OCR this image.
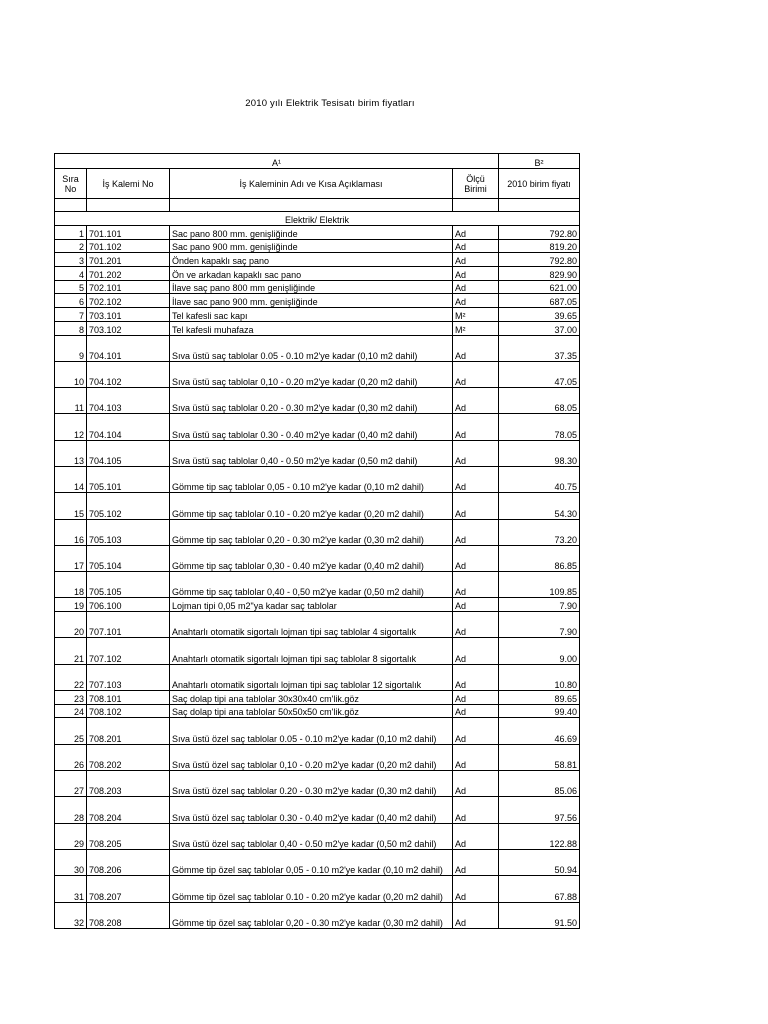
2010 yılı Elektrik Tesisatı birim fiyatları
A¹				B²
Sıra No	İş Kalemi No	İş Kaleminin Adı ve Kısa Açıklaması	Ölçü Birimi	2010 birim fiyatı

Elektrik/ Elektrik				
1	701.101	Sac pano 800 mm. genişliğinde	Ad	792.80
2	701.102	Sac pano 900 mm. genişliğinde	Ad	819.20
3	701.201	Önden kapaklı saç pano	Ad	792.80
4	701.202	Ön ve arkadan kapaklı sac pano	Ad	829.90
5	702.101	İlave saç pano 800 mm genişliğinde	Ad	621.00
6	702.102	İlave sac pano 900 mm. genişliğinde	Ad	687.05
7	703.101	Tel kafesli sac kapı	M²	39.65
8	703.102	Tel kafesli muhafaza	M²	37.00
9	704.101	Sıva üstü saç tablolar 0.05 - 0.10 m2'ye kadar (0,10 m2 dahil)	Ad	37.35
10	704.102	Sıva üstü saç tablolar 0,10 - 0.20 m2'ye kadar (0,20 m2 dahil)	Ad	47.05
11	704.103	Sıva üstü saç tablolar 0.20 - 0.30 m2'ye kadar (0,30 m2 dahil)	Ad	68.05
12	704.104	Sıva üstü saç tablolar 0.30 - 0.40 m2'ye kadar (0,40 m2 dahil)	Ad	78.05
13	704.105	Sıva üstü saç tablolar 0,40 - 0.50 m2'ye kadar (0,50 m2 dahil)	Ad	98.30
14	705.101	Gömme tip saç tablolar 0,05 - 0.10 m2'ye kadar (0,10 m2 dahil)	Ad	40.75
15	705.102	Gömme tip saç tablolar 0.10 - 0.20 m2'ye kadar (0,20 m2 dahil)	Ad	54.30
16	705.103	Gömme tip saç tablolar 0,20 - 0.30 m2'ye kadar (0,30 m2 dahil)	Ad	73.20
17	705.104	Gömme tip saç tablolar 0,30 - 0.40 m2'ye kadar (0,40 m2 dahil)	Ad	86.85
18	705.105	Gömme tip saç tablolar 0,40 - 0,50 m2'ye kadar (0,50 m2 dahil)	Ad	109.85
19	706.100	Lojman tipi 0,05 m2"ya kadar saç tablolar	Ad	7.90
20	707.101	Anahtarlı otomatik sigortalı lojman tipi saç tablolar 4 sigortalık	Ad	7.90
21	707.102	Anahtarlı otomatik sigortalı lojman tipi saç tablolar 8 sigortalık	Ad	9.00
22	707.103	Anahtarlı otomatik sigortalı lojman tipi saç tablolar 12 sigortalık	Ad	10.80
23	708.101	Saç dolap tipi ana tablolar 30x30x40 cm'lik.göz	Ad	89.65
24	708.102	Saç dolap tipi ana tablolar 50x50x50 cm'lik.göz	Ad	99.40
25	708.201	Sıva üstü özel saç tablolar 0.05 - 0.10 m2'ye kadar (0,10 m2 dahil)	Ad	46.69
26	708.202	Sıva üstü özel saç tablolar 0,10 - 0.20 m2'ye kadar (0,20 m2 dahil)	Ad	58.81
27	708.203	Sıva üstü özel saç tablolar 0.20 - 0.30 m2'ye kadar (0,30 m2 dahil)	Ad	85.06
28	708.204	Sıva üstü özel saç tablolar 0.30 - 0.40 m2'ye kadar (0,40 m2 dahil)	Ad	97.56
29	708.205	Sıva üstü özel saç tablolar 0,40 - 0.50 m2'ye kadar (0,50 m2 dahil)	Ad	122.88
30	708.206	Gömme tip özel saç tablolar 0,05 - 0.10 m2'ye kadar (0,10 m2 dahil)	Ad	50.94
31	708.207	Gömme tip özel saç tablolar 0.10 - 0.20 m2'ye kadar (0,20 m2 dahil)	Ad	67.88
32	708.208	Gömme tip özel saç tablolar 0,20 - 0.30 m2'ye kadar (0,30 m2 dahil)	Ad	91.50
